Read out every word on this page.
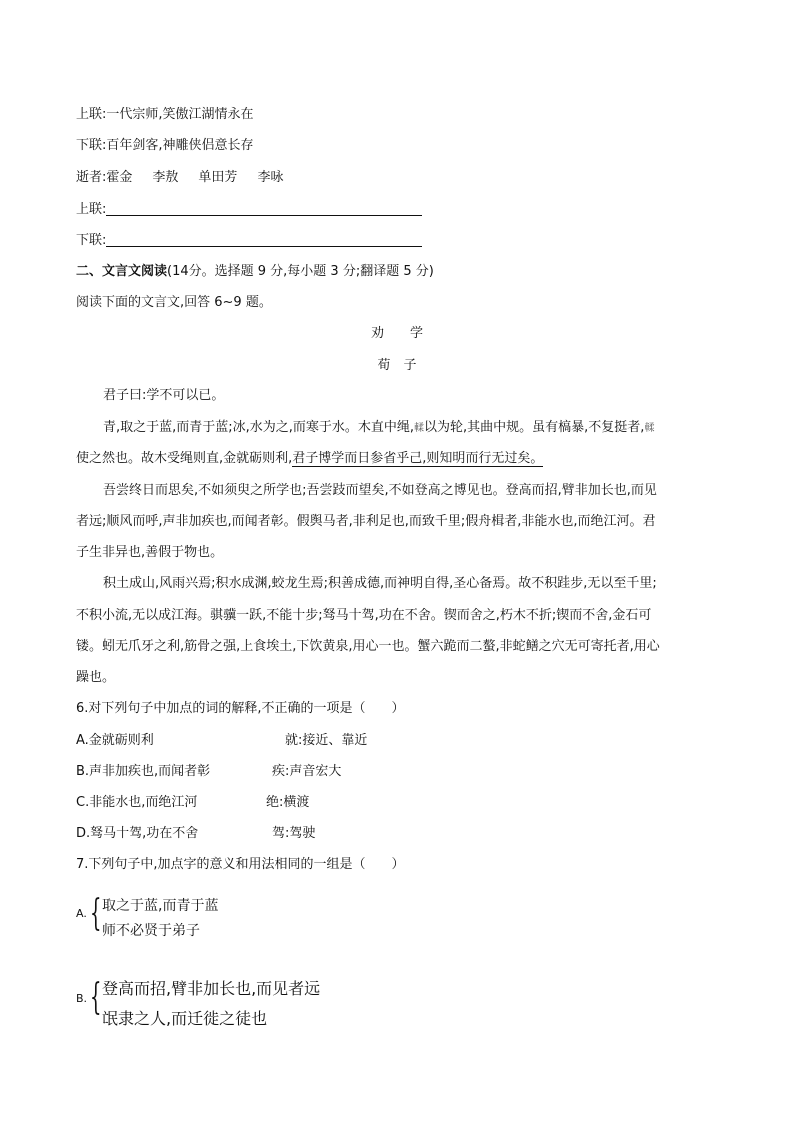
上联:一代宗师,笑傲江湖情永在
下联:百年剑客,神雕侠侣意长存
逝者:霍金 李敖 单田芳 李咏
上联:
下联:
二、文言文阅读(14分。选择题 9 分,每小题 3 分;翻译题 5 分)
阅读下面的文言文,回答 6~9 题。
劝　　学
荀　子
君子曰:学不可以已。
青,取之于蓝,而青于蓝;冰,水为之,而寒于水。木直中绳,輮以为轮,其曲中规。虽有槁暴,不复挺者,輮
使之然也。故木受绳则直,金就砺则利,君子博学而日参省乎己,则知明而行无过矣。
吾尝终日而思矣,不如须臾之所学也;吾尝跂而望矣,不如登高之博见也。登高而招,臂非加长也,而见
者远;顺风而呼,声非加疾也,而闻者彰。假舆马者,非利足也,而致千里;假舟楫者,非能水也,而绝江河。君
子生非异也,善假于物也。
积土成山,风雨兴焉;积水成渊,蛟龙生焉;积善成德,而神明自得,圣心备焉。故不积跬步,无以至千里;
不积小流,无以成江海。骐骥一跃,不能十步;驽马十驾,功在不舍。锲而舍之,朽木不折;锲而不舍,金石可
镂。蚓无爪牙之利,筋骨之强,上食埃土,下饮黄泉,用心一也。蟹六跪而二螯,非蛇鳝之穴无可寄托者,用心
躁也。
6.对下列句子中加点的词的解释,不正确的一项是（　　）
A.金就砺则利	就:接近、靠近
B.声非加疾也,而闻者彰	疾:声音宏大
C.非能水也,而绝江河	绝:横渡
D.驽马十驾,功在不舍	驾:驾驶
7.下列句子中,加点字的意义和用法相同的一组是（　　）
A. { 取之于蓝,而青于蓝
师不必贤于弟子
B. { 登高而招,臂非加长也,而见者远
氓隶之人,而迁徙之徒也
